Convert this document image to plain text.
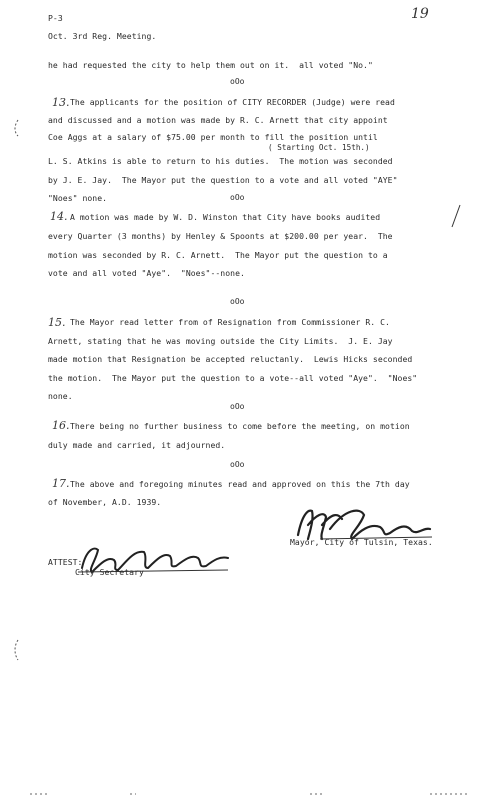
P-3	19
Oct. 3rd Reg. Meeting.
he had requested the city to help them out on it.  all voted "No."
oOo
13. The applicants for the position of CITY RECORDER (Judge) were read
and discussed and a motion was made by R. C. Arnett that city appoint
( Starting Oct. 15th.)
Coe Aggs at a salary of $75.00 per month to fill the position until
L. S. Atkins is able to return to his duties.  The motion was seconded
by J. E. Jay.  The Mayor put the question to a vote and all voted "AYE"
"Noes" none.	oOo
14. A motion was made by W. D. Winston that City have books audited
every Quarter (3 months) by Henley & Spoonts at $200.00 per year.  The
motion was seconded by R. C. Arnett.  The Mayor put the question to a
vote and all voted "Aye".  "Noes"--none.
oOo
15. The Mayor read letter from of Resignation from Commissioner R. C.
Arnett, stating that he was moving outside the City Limits.  J. E. Jay
made motion that Resignation be accepted reluctanly.  Lewis Hicks seconded
the motion.  The Mayor put the question to a vote--all voted "Aye".  "Noes"
none.
oOo
16. There being no further business to come before the meeting, on motion
duly made and carried, it adjourned.
oOo
17. The above and foregoing minutes read and approved on this the 7th day
of November, A.D. 1939.
Mayor, City of Tulsin, Texas.
ATTEST:
City Secretary
